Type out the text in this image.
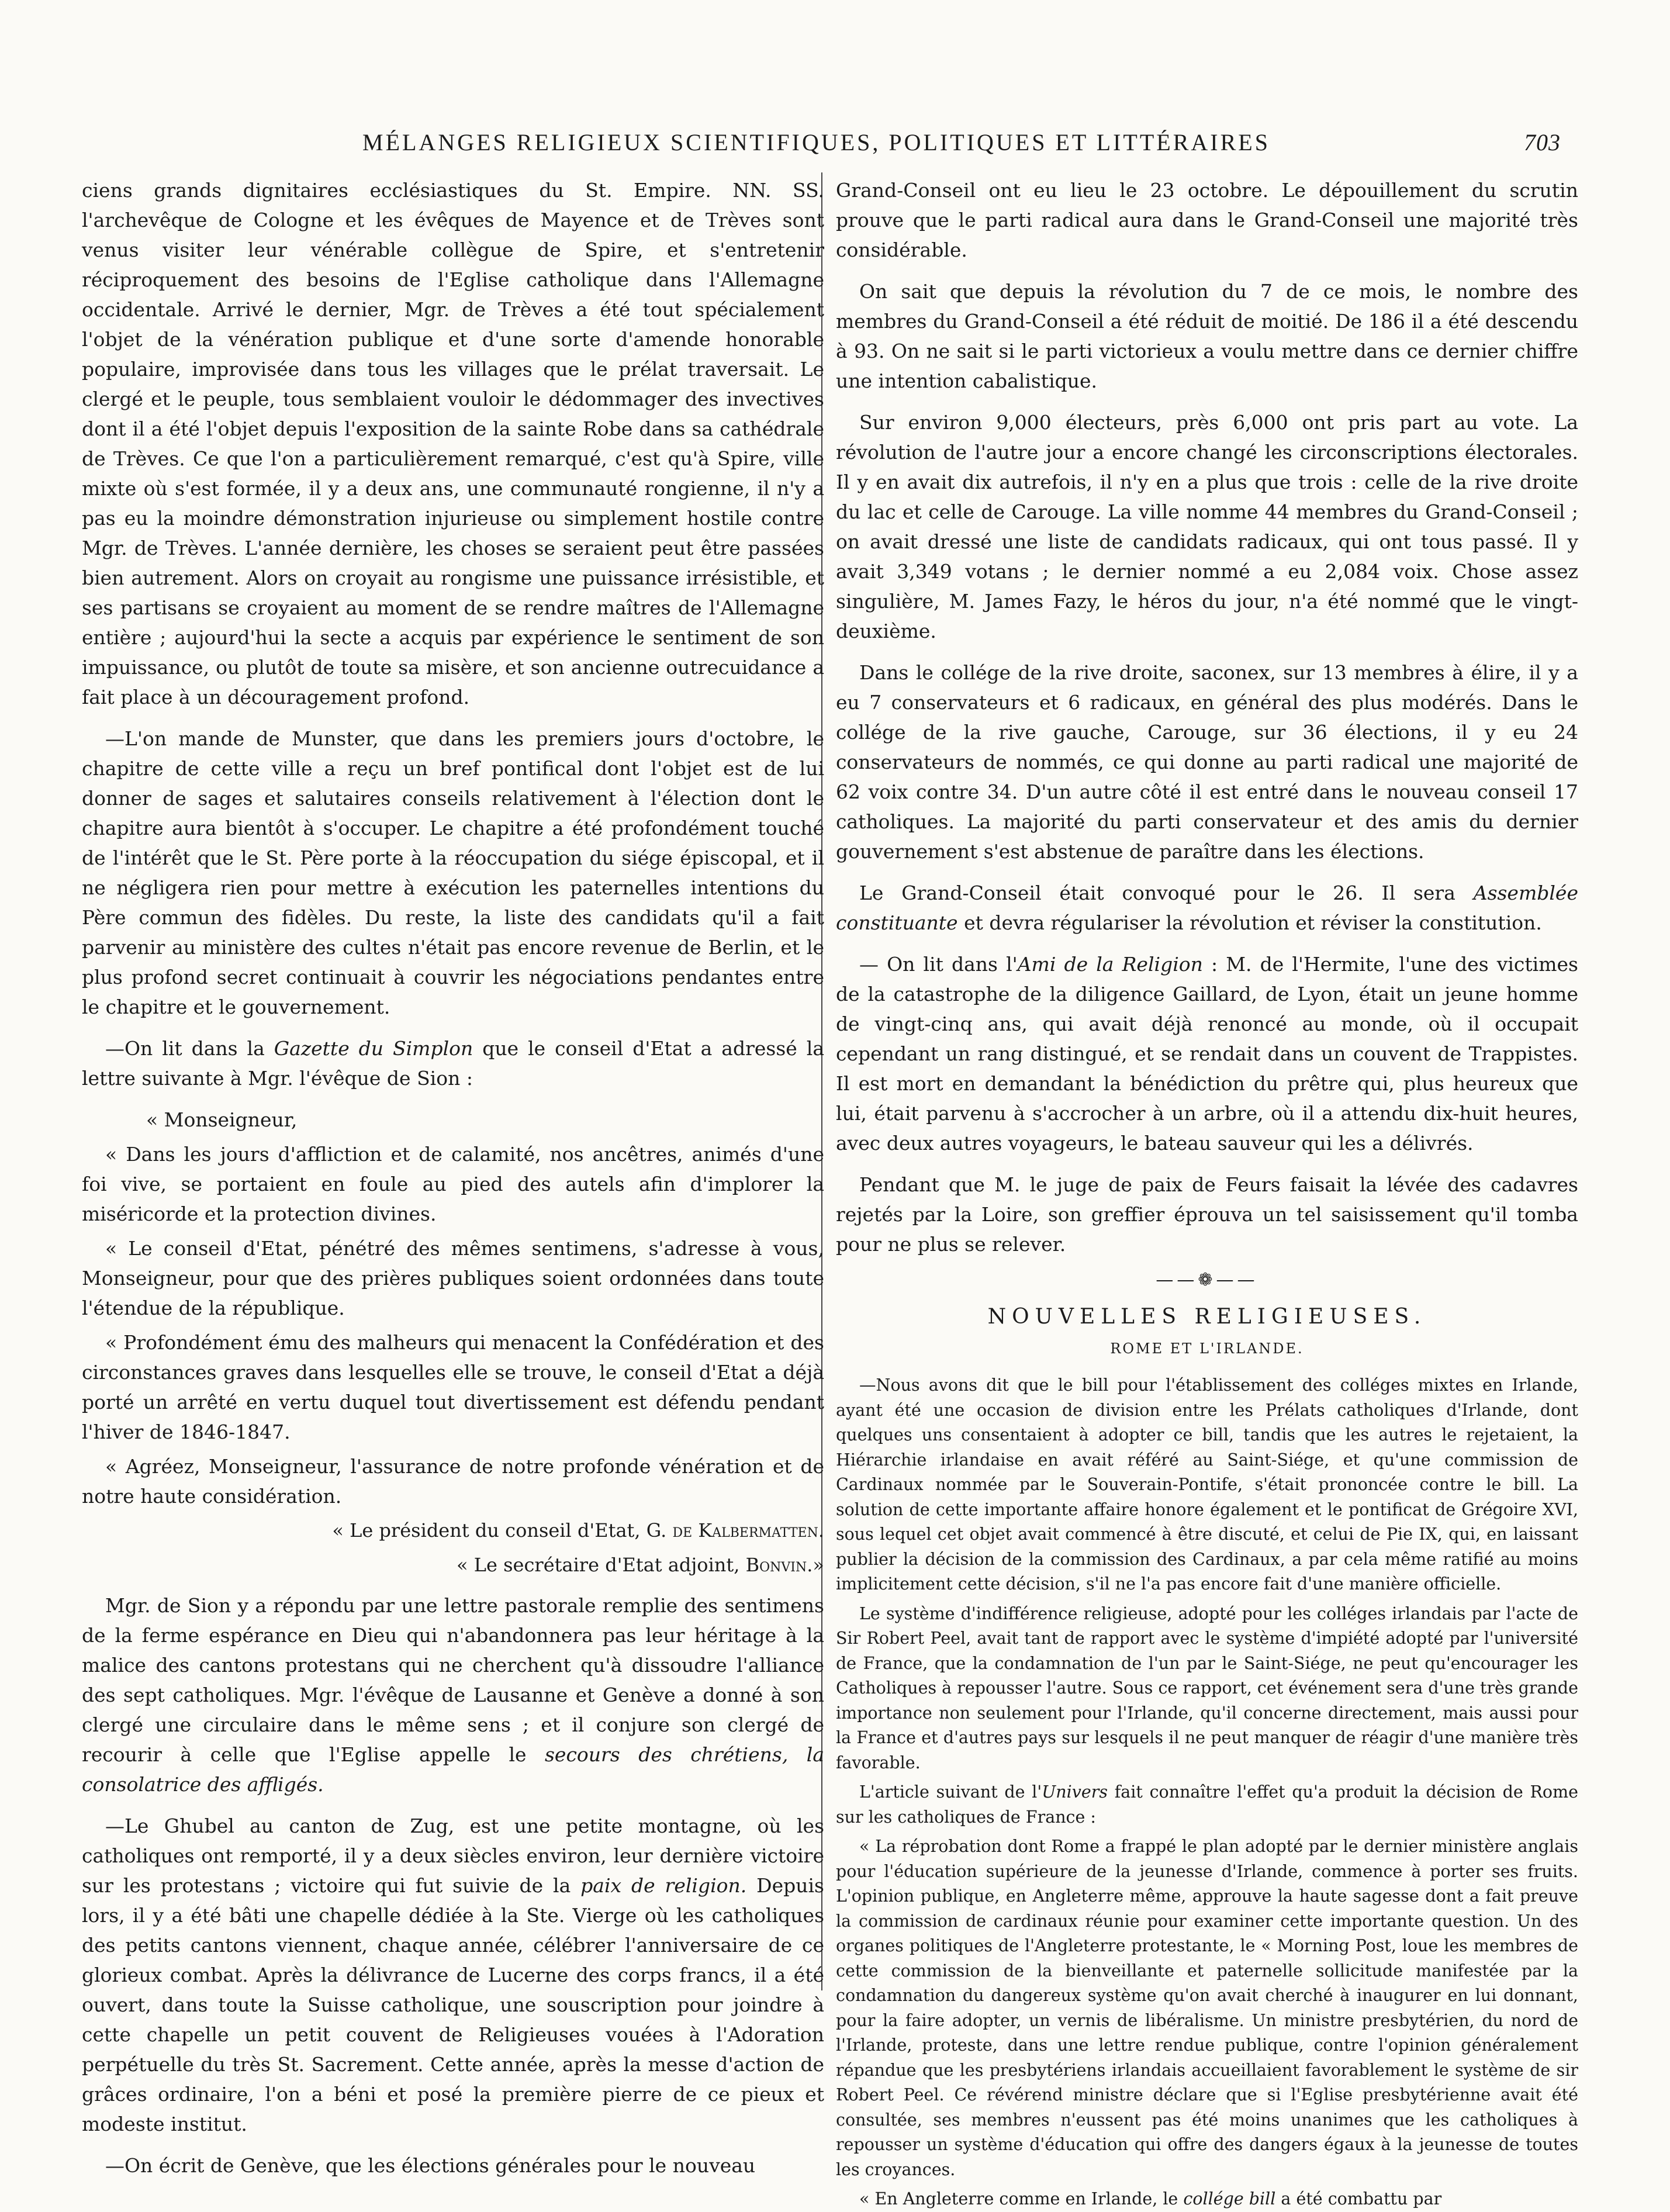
MÉLANGES RELIGIEUX SCIENTIFIQUES, POLITIQUES ET LITTÉRAIRES	703

ciens grands dignitaires ecclésiastiques du St. Empire. NN. SS. l'archevêque de Cologne et les évêques de Mayence et de Trèves sont venus visiter leur vénérable collègue de Spire, et s'entretenir réciproquement des besoins de l'Eglise catholique dans l'Allemagne occidentale. Arrivé le dernier, Mgr. de Trèves a été tout spécialement l'objet de la vénération publique et d'une sorte d'amende honorable populaire, improvisée dans tous les villages que le prélat traversait. Le clergé et le peuple, tous semblaient vouloir le dédommager des invectives dont il a été l'objet depuis l'exposition de la sainte Robe dans sa cathédrale de Trèves. Ce que l'on a particulièrement remarqué, c'est qu'à Spire, ville mixte où s'est formée, il y a deux ans, une communauté rongienne, il n'y a pas eu la moindre démonstration injurieuse ou simplement hostile contre Mgr. de Trèves. L'année dernière, les choses se seraient peut être passées bien autrement. Alors on croyait au rongisme une puissance irrésistible, et ses partisans se croyaient au moment de se rendre maîtres de l'Allemagne entière ; aujourd'hui la secte a acquis par expérience le sentiment de son impuissance, ou plutôt de toute sa misère, et son ancienne outrecuidance a fait place à un découragement profond.

—L'on mande de Munster, que dans les premiers jours d'octobre, le chapitre de cette ville a reçu un bref pontifical dont l'objet est de lui donner de sages et salutaires conseils relativement à l'élection dont le chapitre aura bientôt à s'occuper. Le chapitre a été profondément touché de l'intérêt que le St. Père porte à la réoccupation du siége épiscopal, et il ne négligera rien pour mettre à exécution les paternelles intentions du Père commun des fidèles. Du reste, la liste des candidats qu'il a fait parvenir au ministère des cultes n'était pas encore revenue de Berlin, et le plus profond secret continuait à couvrir les négociations pendantes entre le chapitre et le gouvernement.

—On lit dans la Gazette du Simplon que le conseil d'Etat a adressé la lettre suivante à Mgr. l'évêque de Sion :

« Monseigneur,

« Dans les jours d'affliction et de calamité, nos ancêtres, animés d'une foi vive, se portaient en foule au pied des autels afin d'implorer la miséricorde et la protection divines.

« Le conseil d'Etat, pénétré des mêmes sentimens, s'adresse à vous, Monseigneur, pour que des prières publiques soient ordonnées dans toute l'étendue de la république.

« Profondément ému des malheurs qui menacent la Confédération et des circonstances graves dans lesquelles elle se trouve, le conseil d'Etat a déjà porté un arrêté en vertu duquel tout divertissement est défendu pendant l'hiver de 1846-1847.

« Agréez, Monseigneur, l'assurance de notre profonde vénération et de notre haute considération.

« Le président du conseil d'Etat, G. de Kalbermatten.

« Le secrétaire d'Etat adjoint, Bonvin.»

Mgr. de Sion y a répondu par une lettre pastorale remplie des sentimens de la ferme espérance en Dieu qui n'abandonnera pas leur héritage à la malice des cantons protestans qui ne cherchent qu'à dissoudre l'alliance des sept catholiques. Mgr. l'évêque de Lausanne et Genève a donné à son clergé une circulaire dans le même sens ; et il conjure son clergé de recourir à celle que l'Eglise appelle le secours des chrétiens, la consolatrice des affligés.

—Le Ghubel au canton de Zug, est une petite montagne, où les catholiques ont remporté, il y a deux siècles environ, leur dernière victoire sur les protestans ; victoire qui fut suivie de la paix de religion. Depuis lors, il y a été bâti une chapelle dédiée à la Ste. Vierge où les catholiques des petits cantons viennent, chaque année, célébrer l'anniversaire de ce glorieux combat. Après la délivrance de Lucerne des corps francs, il a été ouvert, dans toute la Suisse catholique, une souscription pour joindre à cette chapelle un petit couvent de Religieuses vouées à l'Adoration perpétuelle du très St. Sacrement. Cette année, après la messe d'action de grâces ordinaire, l'on a béni et posé la première pierre de ce pieux et modeste institut.

—On écrit de Genève, que les élections générales pour le nouveau

Grand-Conseil ont eu lieu le 23 octobre. Le dépouillement du scrutin prouve que le parti radical aura dans le Grand-Conseil une majorité très considérable.

On sait que depuis la révolution du 7 de ce mois, le nombre des membres du Grand-Conseil a été réduit de moitié. De 186 il a été descendu à 93. On ne sait si le parti victorieux a voulu mettre dans ce dernier chiffre une intention cabalistique.

Sur environ 9,000 électeurs, près 6,000 ont pris part au vote. La révolution de l'autre jour a encore changé les circonscriptions électorales. Il y en avait dix autrefois, il n'y en a plus que trois : celle de la rive droite du lac et celle de Carouge. La ville nomme 44 membres du Grand-Conseil ; on avait dressé une liste de candidats radicaux, qui ont tous passé. Il y avait 3,349 votans ; le dernier nommé a eu 2,084 voix. Chose assez singulière, M. James Fazy, le héros du jour, n'a été nommé que le vingt-deuxième.

Dans le collége de la rive droite, saconex, sur 13 membres à élire, il y a eu 7 conservateurs et 6 radicaux, en général des plus modérés. Dans le collége de la rive gauche, Carouge, sur 36 élections, il y eu 24 conservateurs de nommés, ce qui donne au parti radical une majorité de 62 voix contre 34. D'un autre côté il est entré dans le nouveau conseil 17 catholiques. La majorité du parti conservateur et des amis du dernier gouvernement s'est abstenue de paraître dans les élections.

Le Grand-Conseil était convoqué pour le 26. Il sera Assemblée constituante et devra régulariser la révolution et réviser la constitution.

— On lit dans l'Ami de la Religion : M. de l'Hermite, l'une des victimes de la catastrophe de la diligence Gaillard, de Lyon, était un jeune homme de vingt-cinq ans, qui avait déjà renoncé au monde, où il occupait cependant un rang distingué, et se rendait dans un couvent de Trappistes. Il est mort en demandant la bénédiction du prêtre qui, plus heureux que lui, était parvenu à s'accrocher à un arbre, où il a attendu dix-huit heures, avec deux autres voyageurs, le bateau sauveur qui les a délivrés.

Pendant que M. le juge de paix de Feurs faisait la lévée des cadavres rejetés par la Loire, son greffier éprouva un tel saisissement qu'il tomba pour ne plus se relever.

——❁——

NOUVELLES RELIGIEUSES.

ROME ET L'IRLANDE.

—Nous avons dit que le bill pour l'établissement des colléges mixtes en Irlande, ayant été une occasion de division entre les Prélats catholiques d'Irlande, dont quelques uns consentaient à adopter ce bill, tandis que les autres le rejetaient, la Hiérarchie irlandaise en avait référé au Saint-Siége, et qu'une commission de Cardinaux nommée par le Souverain-Pontife, s'était prononcée contre le bill. La solution de cette importante affaire honore également et le pontificat de Grégoire XVI, sous lequel cet objet avait commencé à être discuté, et celui de Pie IX, qui, en laissant publier la décision de la commission des Cardinaux, a par cela même ratifié au moins implicitement cette décision, s'il ne l'a pas encore fait d'une manière officielle.

Le système d'indifférence religieuse, adopté pour les colléges irlandais par l'acte de Sir Robert Peel, avait tant de rapport avec le système d'impiété adopté par l'université de France, que la condamnation de l'un par le Saint-Siége, ne peut qu'encourager les Catholiques à repousser l'autre. Sous ce rapport, cet événement sera d'une très grande importance non seulement pour l'Irlande, qu'il concerne directement, mais aussi pour la France et d'autres pays sur lesquels il ne peut manquer de réagir d'une manière très favorable.

L'article suivant de l'Univers fait connaître l'effet qu'a produit la décision de Rome sur les catholiques de France :

« La réprobation dont Rome a frappé le plan adopté par le dernier ministère anglais pour l'éducation supérieure de la jeunesse d'Irlande, commence à porter ses fruits. L'opinion publique, en Angleterre même, approuve la haute sagesse dont a fait preuve la commission de cardinaux réunie pour examiner cette importante question. Un des organes politiques de l'Angleterre protestante, le « Morning Post, loue les membres de cette commission de la bienveillante et paternelle sollicitude manifestée par la condamnation du dangereux système qu'on avait cherché à inaugurer en lui donnant, pour la faire adopter, un vernis de libéralisme. Un ministre presbytérien, du nord de l'Irlande, proteste, dans une lettre rendue publique, contre l'opinion généralement répandue que les presbytériens irlandais accueillaient favorablement le système de sir Robert Peel. Ce révérend ministre déclare que si l'Eglise presbytérienne avait été consultée, ses membres n'eussent pas été moins unanimes que les catholiques à repousser un système d'éducation qui offre des dangers égaux à la jeunesse de toutes les croyances.

« En Angleterre comme en Irlande, le collége bill a été combattu par
